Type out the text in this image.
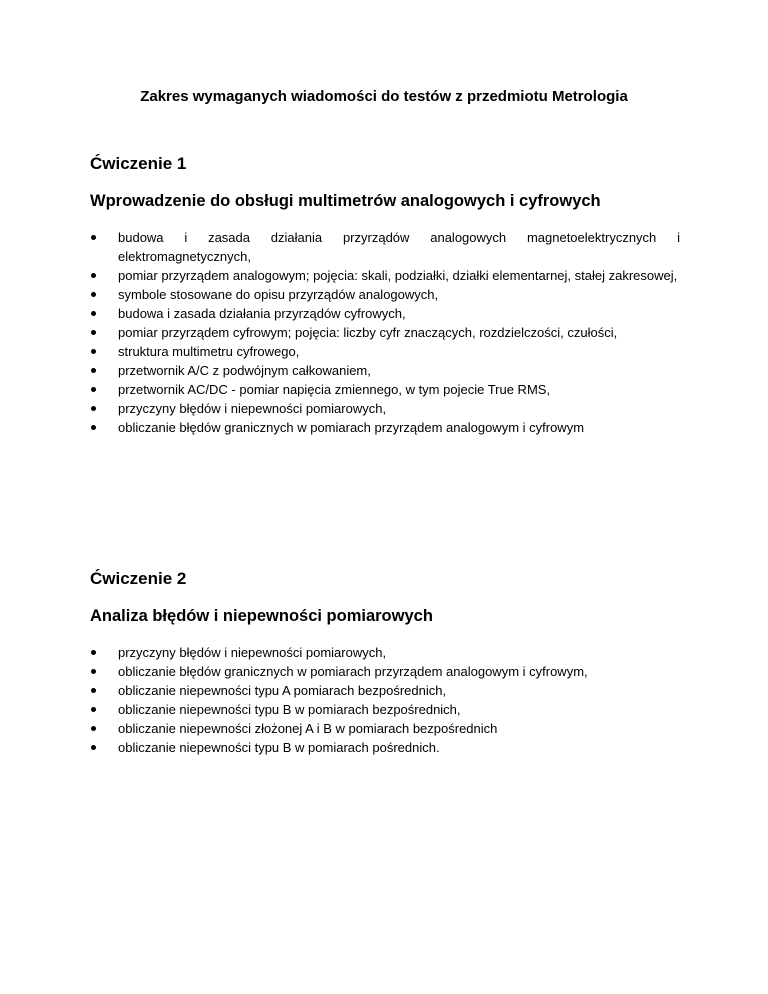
Zakres wymaganych wiadomości do testów z przedmiotu Metrologia
Ćwiczenie 1
Wprowadzenie do obsługi multimetrów analogowych i cyfrowych
budowa i zasada działania przyrządów analogowych magnetoelektrycznych i elektromagnetycznych,
pomiar przyrządem analogowym; pojęcia: skali, podziałki, działki elementarnej, stałej zakresowej,
symbole stosowane do opisu przyrządów analogowych,
budowa i zasada działania przyrządów cyfrowych,
pomiar przyrządem cyfrowym; pojęcia: liczby cyfr znaczących, rozdzielczości, czułości,
struktura multimetru cyfrowego,
przetwornik A/C z podwójnym całkowaniem,
przetwornik AC/DC - pomiar napięcia zmiennego, w tym pojecie True RMS,
przyczyny błędów i niepewności pomiarowych,
obliczanie błędów granicznych w pomiarach przyrządem analogowym i cyfrowym
Ćwiczenie 2
Analiza błędów i niepewności pomiarowych
przyczyny błędów i niepewności pomiarowych,
obliczanie błędów granicznych w pomiarach przyrządem analogowym i cyfrowym,
obliczanie niepewności typu A pomiarach bezpośrednich,
obliczanie niepewności typu B w pomiarach bezpośrednich,
obliczanie niepewności złożonej A i B w pomiarach bezpośrednich
obliczanie niepewności typu B w pomiarach pośrednich.
